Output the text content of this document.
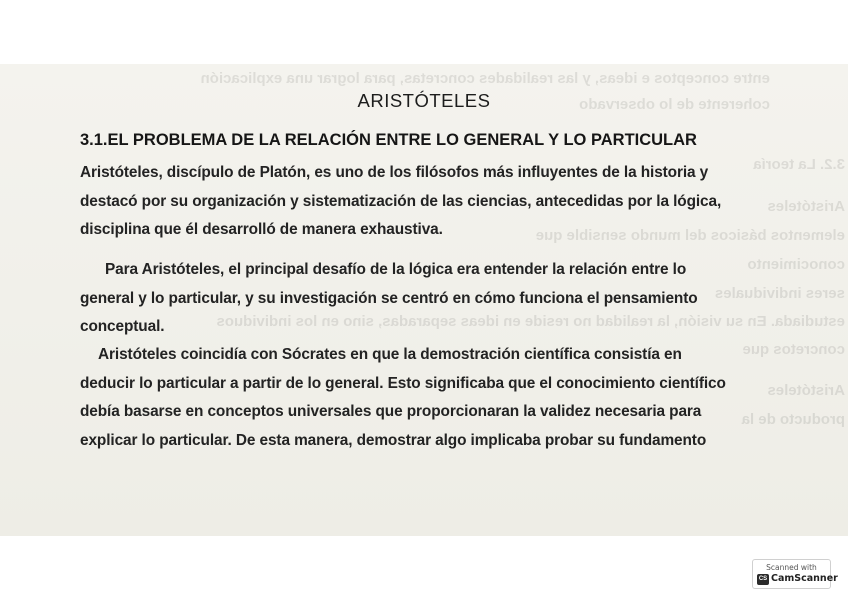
entre conceptos e ideas, y las realidades concretas, para lograr una explicación
coherente de lo observado
3.2. La teoría
Aristóteles
elementos básicos del mundo sensible que
conocimiento
seres individuales
estudiada. En su visión, la realidad no reside en ideas separadas, sino en los individuos
concretos que
Aristóteles
producto de la
ARISTÓTELES
3.1.EL PROBLEMA DE LA RELACIÓN ENTRE LO GENERAL Y LO PARTICULAR

Aristóteles, discípulo de Platón, es uno de los filósofos más influyentes de la historia y

destacó por su organización y sistematización de las ciencias, antecedidas por la lógica,

disciplina que él desarrolló de manera exhaustiva.

Para Aristóteles, el principal desafío de la lógica era entender la relación entre lo

general y lo particular, y su investigación se centró en cómo funciona el pensamiento

conceptual.

Aristóteles coincidía con Sócrates en que la demostración científica consistía en

deducir lo particular a partir de lo general. Esto significaba que el conocimiento científico

debía basarse en conceptos universales que proporcionaran la validez necesaria para

explicar lo particular. De esta manera, demostrar algo implicaba probar su fundamento

Scanned with
CS CamScanner
